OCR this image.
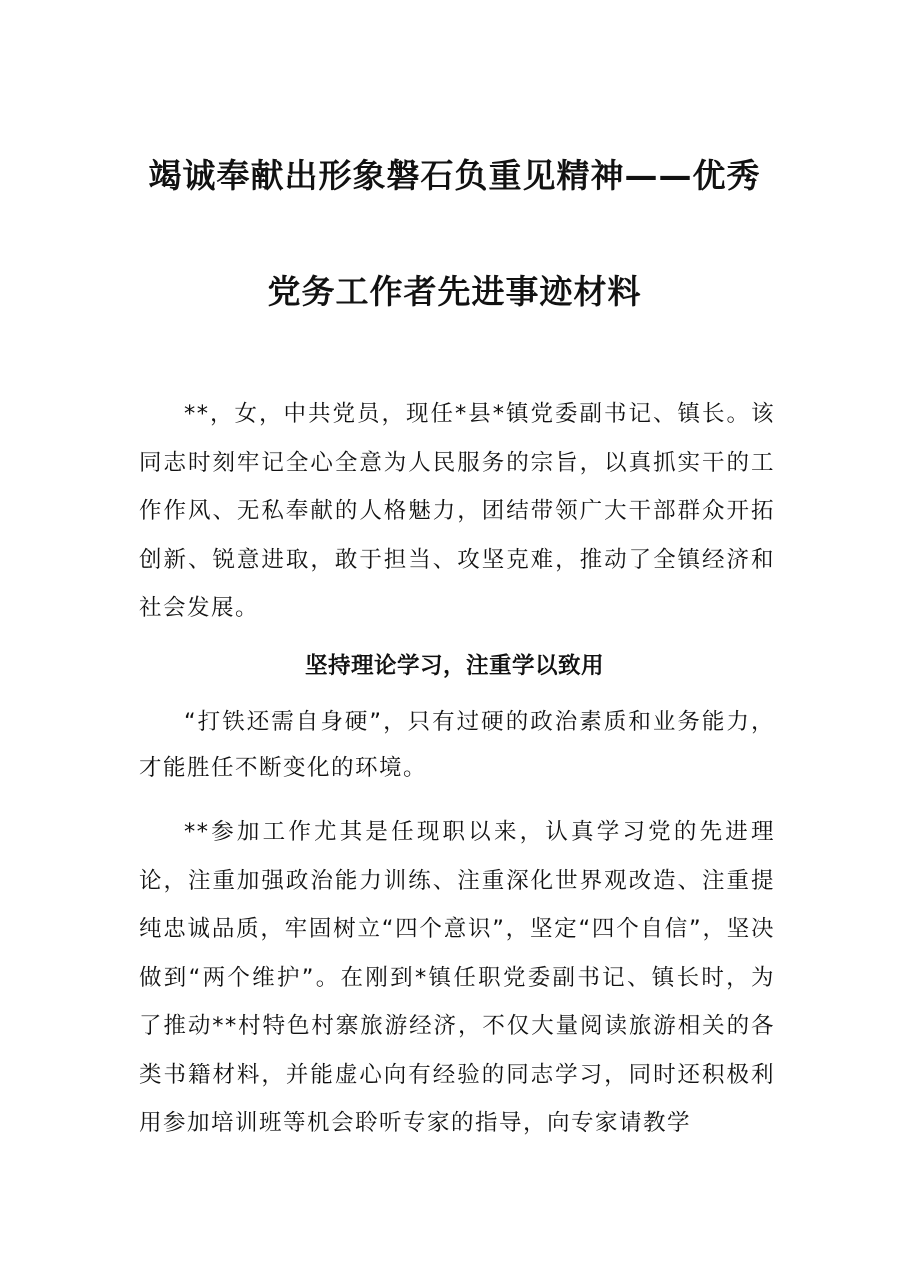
竭诚奉献出形象磐石负重见精神——优秀
党务工作者先进事迹材料

**，女，中共党员，现任*县*镇党委副书记、镇长。该同志时刻牢记全心全意为人民服务的宗旨，以真抓实干的工作作风、无私奉献的人格魅力，团结带领广大干部群众开拓创新、锐意进取，敢于担当、攻坚克难，推动了全镇经济和社会发展。

坚持理论学习，注重学以致用

“打铁还需自身硬”，只有过硬的政治素质和业务能力，才能胜任不断变化的环境。

**参加工作尤其是任现职以来，认真学习党的先进理论，注重加强政治能力训练、注重深化世界观改造、注重提纯忠诚品质，牢固树立“四个意识”，坚定“四个自信”，坚决做到“两个维护”。在刚到*镇任职党委副书记、镇长时，为了推动**村特色村寨旅游经济，不仅大量阅读旅游相关的各类书籍材料，并能虚心向有经验的同志学习，同时还积极利用参加培训班等机会聆听专家的指导，向专家请教学
